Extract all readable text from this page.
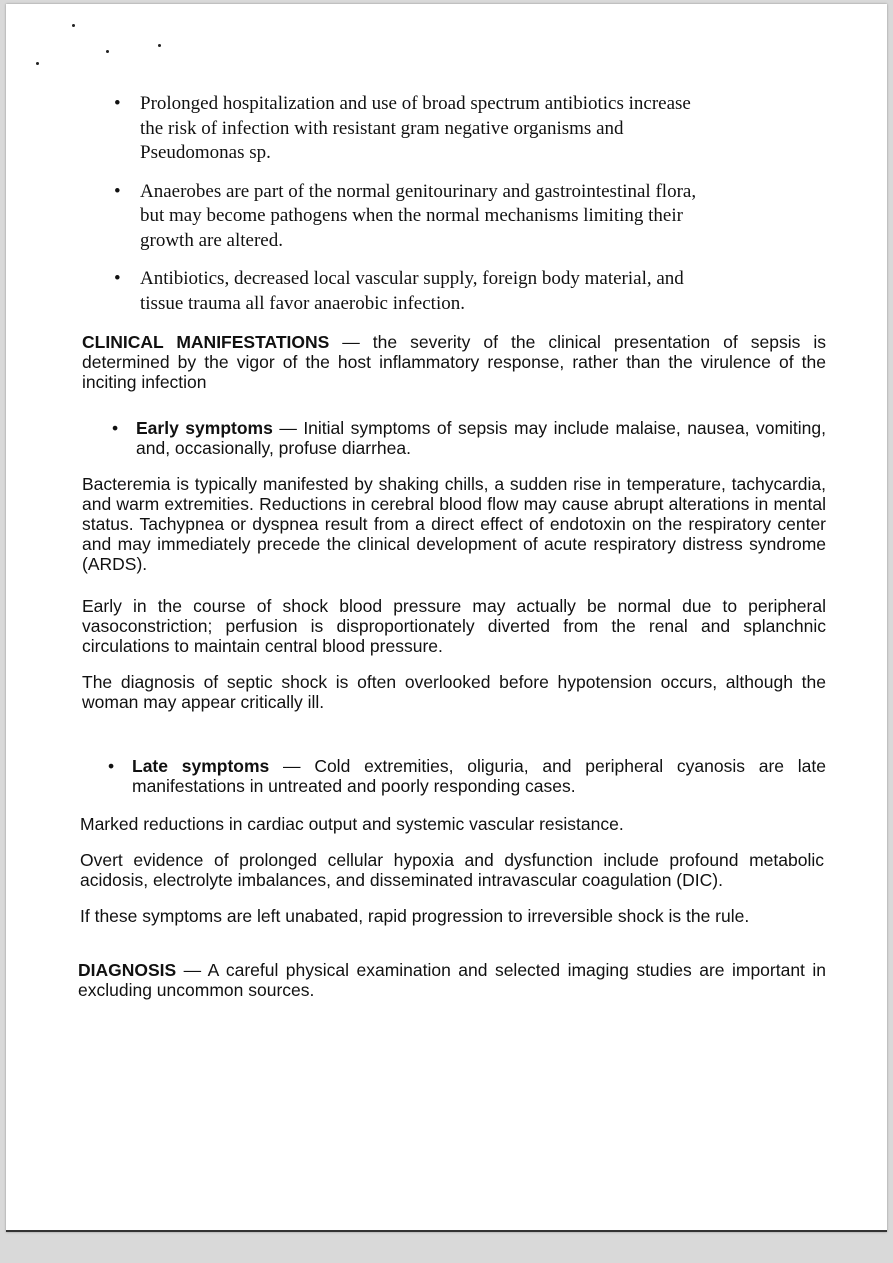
• Prolonged hospitalization and use of broad spectrum antibiotics increase the risk of infection with resistant gram negative organisms and Pseudomonas sp.
• Anaerobes are part of the normal genitourinary and gastrointestinal flora, but may become pathogens when the normal mechanisms limiting their growth are altered.
• Antibiotics, decreased local vascular supply, foreign body material, and tissue trauma all favor anaerobic infection.

CLINICAL MANIFESTATIONS — the severity of the clinical presentation of sepsis is determined by the vigor of the host inflammatory response, rather than the virulence of the inciting infection

•	Early symptoms — Initial symptoms of sepsis may include malaise, nausea, vomiting, and, occasionally, profuse diarrhea.

Bacteremia is typically manifested by shaking chills, a sudden rise in temperature, tachycardia, and warm extremities. Reductions in cerebral blood flow may cause abrupt alterations in mental status. Tachypnea or dyspnea result from a direct effect of endotoxin on the respiratory center and may immediately precede the clinical development of acute respiratory distress syndrome (ARDS).

Early in the course of shock blood pressure may actually be normal due to peripheral vasoconstriction; perfusion is disproportionately diverted from the renal and splanchnic circulations to maintain central blood pressure.

The diagnosis of septic shock is often overlooked before hypotension occurs, although the woman may appear critically ill.

•	Late symptoms — Cold extremities, oliguria, and peripheral cyanosis are late manifestations in untreated and poorly responding cases.

Marked reductions in cardiac output and systemic vascular resistance.

Overt evidence of prolonged cellular hypoxia and dysfunction include profound metabolic acidosis, electrolyte imbalances, and disseminated intravascular coagulation (DIC).

If these symptoms are left unabated, rapid progression to irreversible shock is the rule.

DIAGNOSIS — A careful physical examination and selected imaging studies are important in excluding uncommon sources.
